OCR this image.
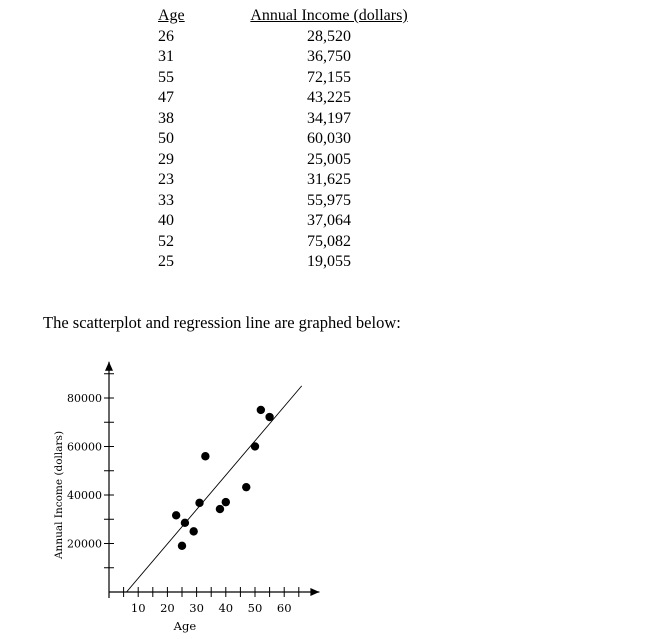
Age	Annual Income (dollars)
26	28,520
31	36,750
55	72,155
47	43,225
38	34,197
50	60,030
29	25,005
23	31,625
33	55,975
40	37,064
52	75,082
25	19,055
The scatterplot and regression line are graphed below:
10 20 30 40 50 60
20000
40000
60000
80000
Age
Annual Income (dollars)
